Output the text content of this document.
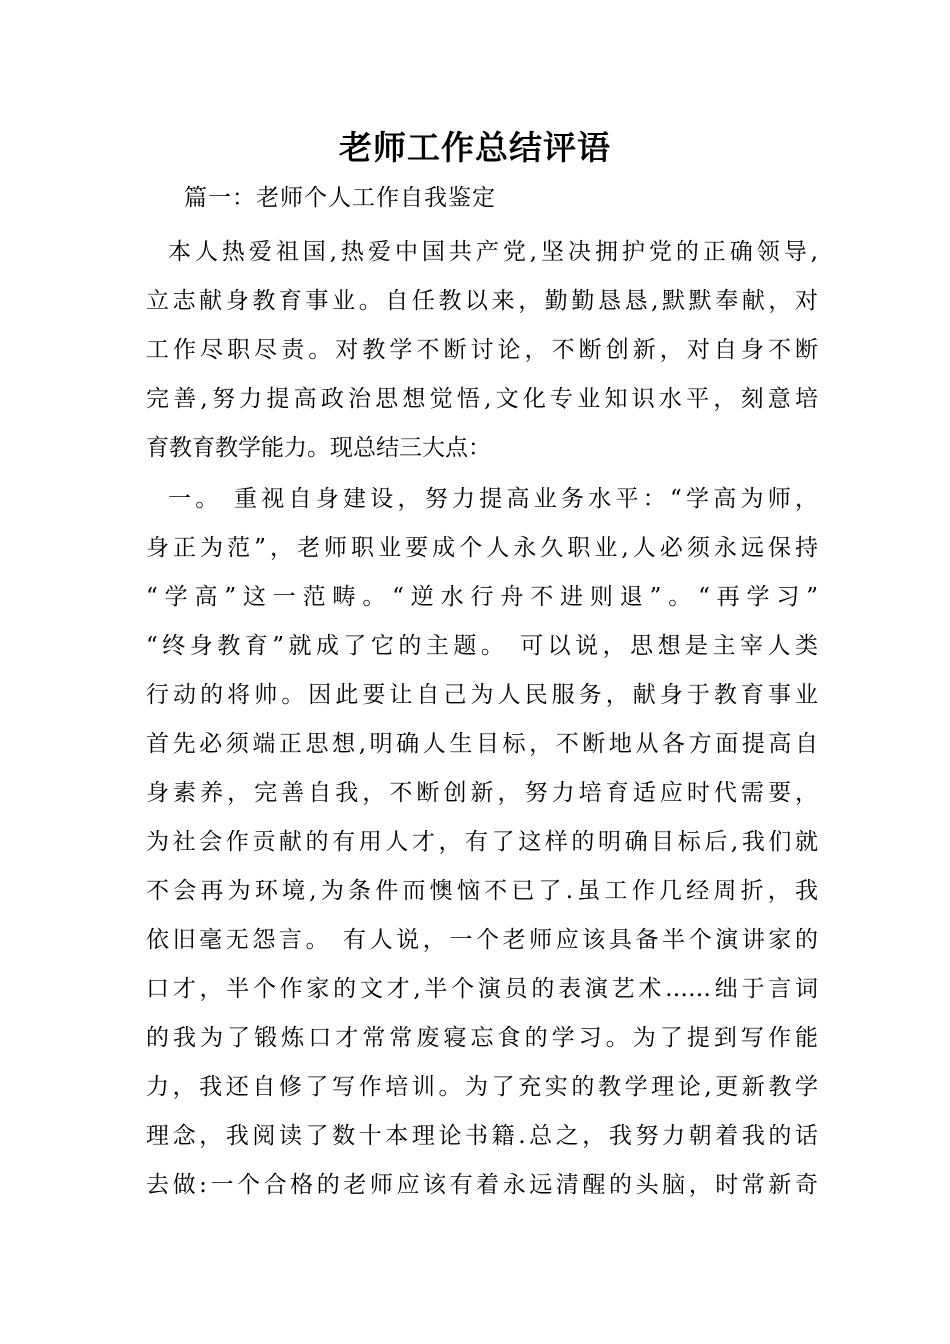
老师工作总结评语
篇一：老师个人工作自我鉴定
本人热爱祖国,热爱中国共产党,坚决拥护党的正确领导,
立志献身教育事业。自任教以来，勤勤恳恳,默默奉献，对
工作尽职尽责。对教学不断讨论，不断创新，对自身不断
完善,努力提高政治思想觉悟,文化专业知识水平，刻意培
育教育教学能力。现总结三大点：
一。 重视自身建设，努力提高业务水平：“学高为师，
身正为范”，老师职业要成个人永久职业,人必须永远保持
“学高”这一范畴。“逆水行舟不进则退”。“再学习”
“终身教育”就成了它的主题。 可以说，思想是主宰人类
行动的将帅。因此要让自己为人民服务，献身于教育事业
首先必须端正思想,明确人生目标，不断地从各方面提高自
身素养，完善自我，不断创新，努力培育适应时代需要，
为社会作贡献的有用人才，有了这样的明确目标后,我们就
不会再为环境,为条件而懊恼不已了.虽工作几经周折，我
依旧毫无怨言。 有人说，一个老师应该具备半个演讲家的
口才，半个作家的文才,半个演员的表演艺术……绌于言词
的我为了锻炼口才常常废寝忘食的学习。为了提到写作能
力，我还自修了写作培训。为了充实的教学理论,更新教学
理念，我阅读了数十本理论书籍.总之，我努力朝着我的话
去做:一个合格的老师应该有着永远清醒的头脑，时常新奇
